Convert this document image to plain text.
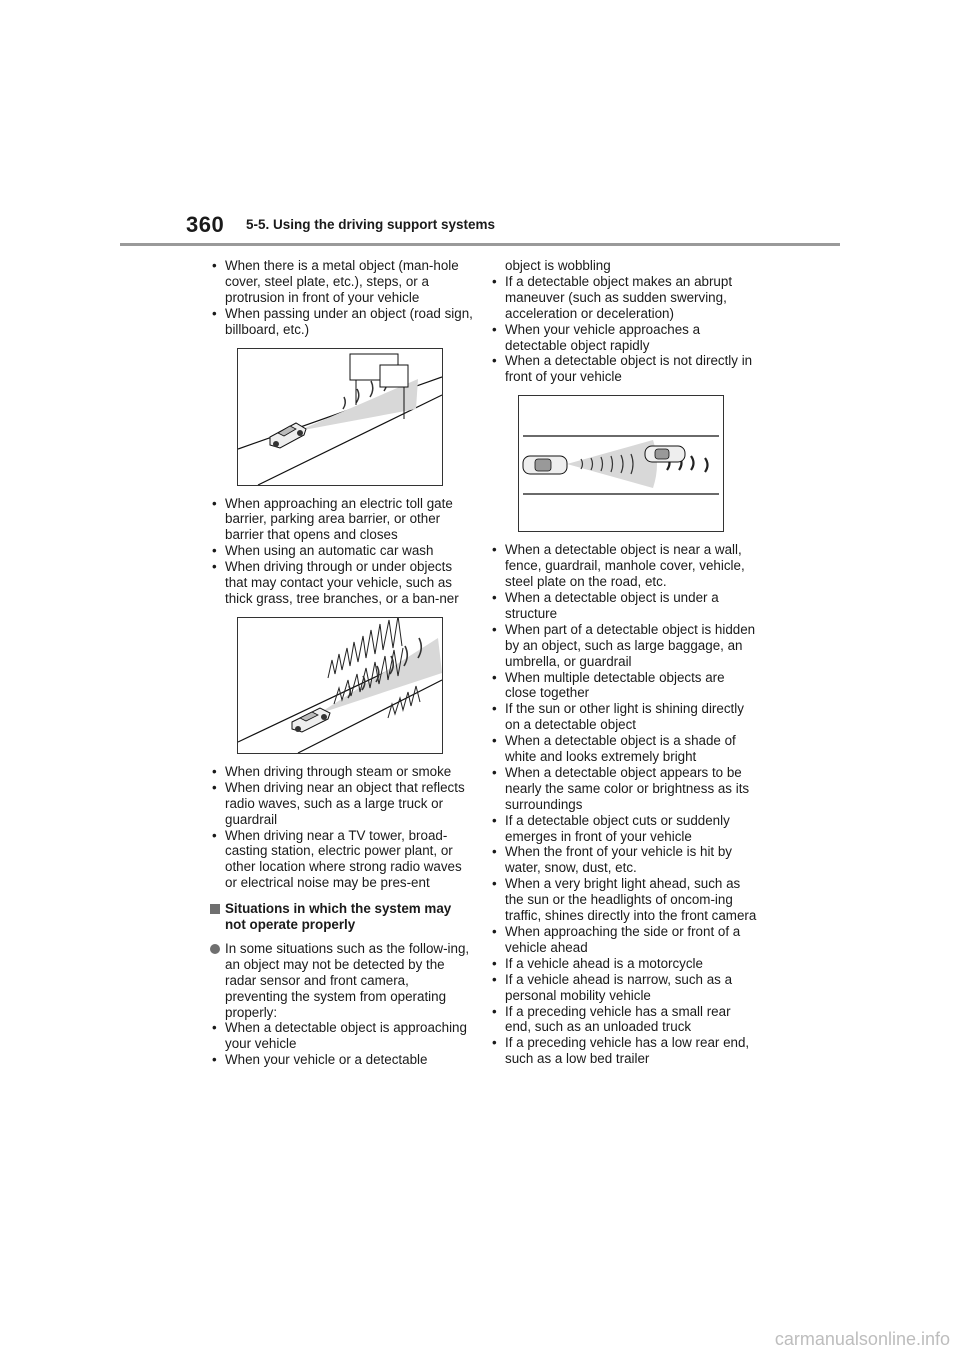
360 5-5. Using the driving support systems
• When there is a metal object (man-hole cover, steel plate, etc.), steps, or a protrusion in front of your vehicle
• When passing under an object (road sign, billboard, etc.)
• When approaching an electric toll gate barrier, parking area barrier, or other barrier that opens and closes
• When using an automatic car wash
• When driving through or under objects that may contact your vehicle, such as thick grass, tree branches, or a ban-ner
• When driving through steam or smoke
• When driving near an object that reflects radio waves, such as a large truck or guardrail
• When driving near a TV tower, broad-casting station, electric power plant, or other location where strong radio waves or electrical noise may be pres-ent
Situations in which the system may not operate properly
In some situations such as the follow-ing, an object may not be detected by the radar sensor and front camera, preventing the system from operating properly:
• When a detectable object is approaching your vehicle
• When your vehicle or a detectable
object is wobbling
• If a detectable object makes an abrupt maneuver (such as sudden swerving, acceleration or deceleration)
• When your vehicle approaches a detectable object rapidly
• When a detectable object is not directly in front of your vehicle
• When a detectable object is near a wall, fence, guardrail, manhole cover, vehicle, steel plate on the road, etc.
• When a detectable object is under a structure
• When part of a detectable object is hidden by an object, such as large baggage, an umbrella, or guardrail
• When multiple detectable objects are close together
• If the sun or other light is shining directly on a detectable object
• When a detectable object is a shade of white and looks extremely bright
• When a detectable object appears to be nearly the same color or brightness as its surroundings
• If a detectable object cuts or suddenly emerges in front of your vehicle
• When the front of your vehicle is hit by water, snow, dust, etc.
• When a very bright light ahead, such as the sun or the headlights of oncom-ing traffic, shines directly into the front camera
• When approaching the side or front of a vehicle ahead
• If a vehicle ahead is a motorcycle
• If a vehicle ahead is narrow, such as a personal mobility vehicle
• If a preceding vehicle has a small rear end, such as an unloaded truck
• If a preceding vehicle has a low rear end, such as a low bed trailer
carmanualsonline.info
